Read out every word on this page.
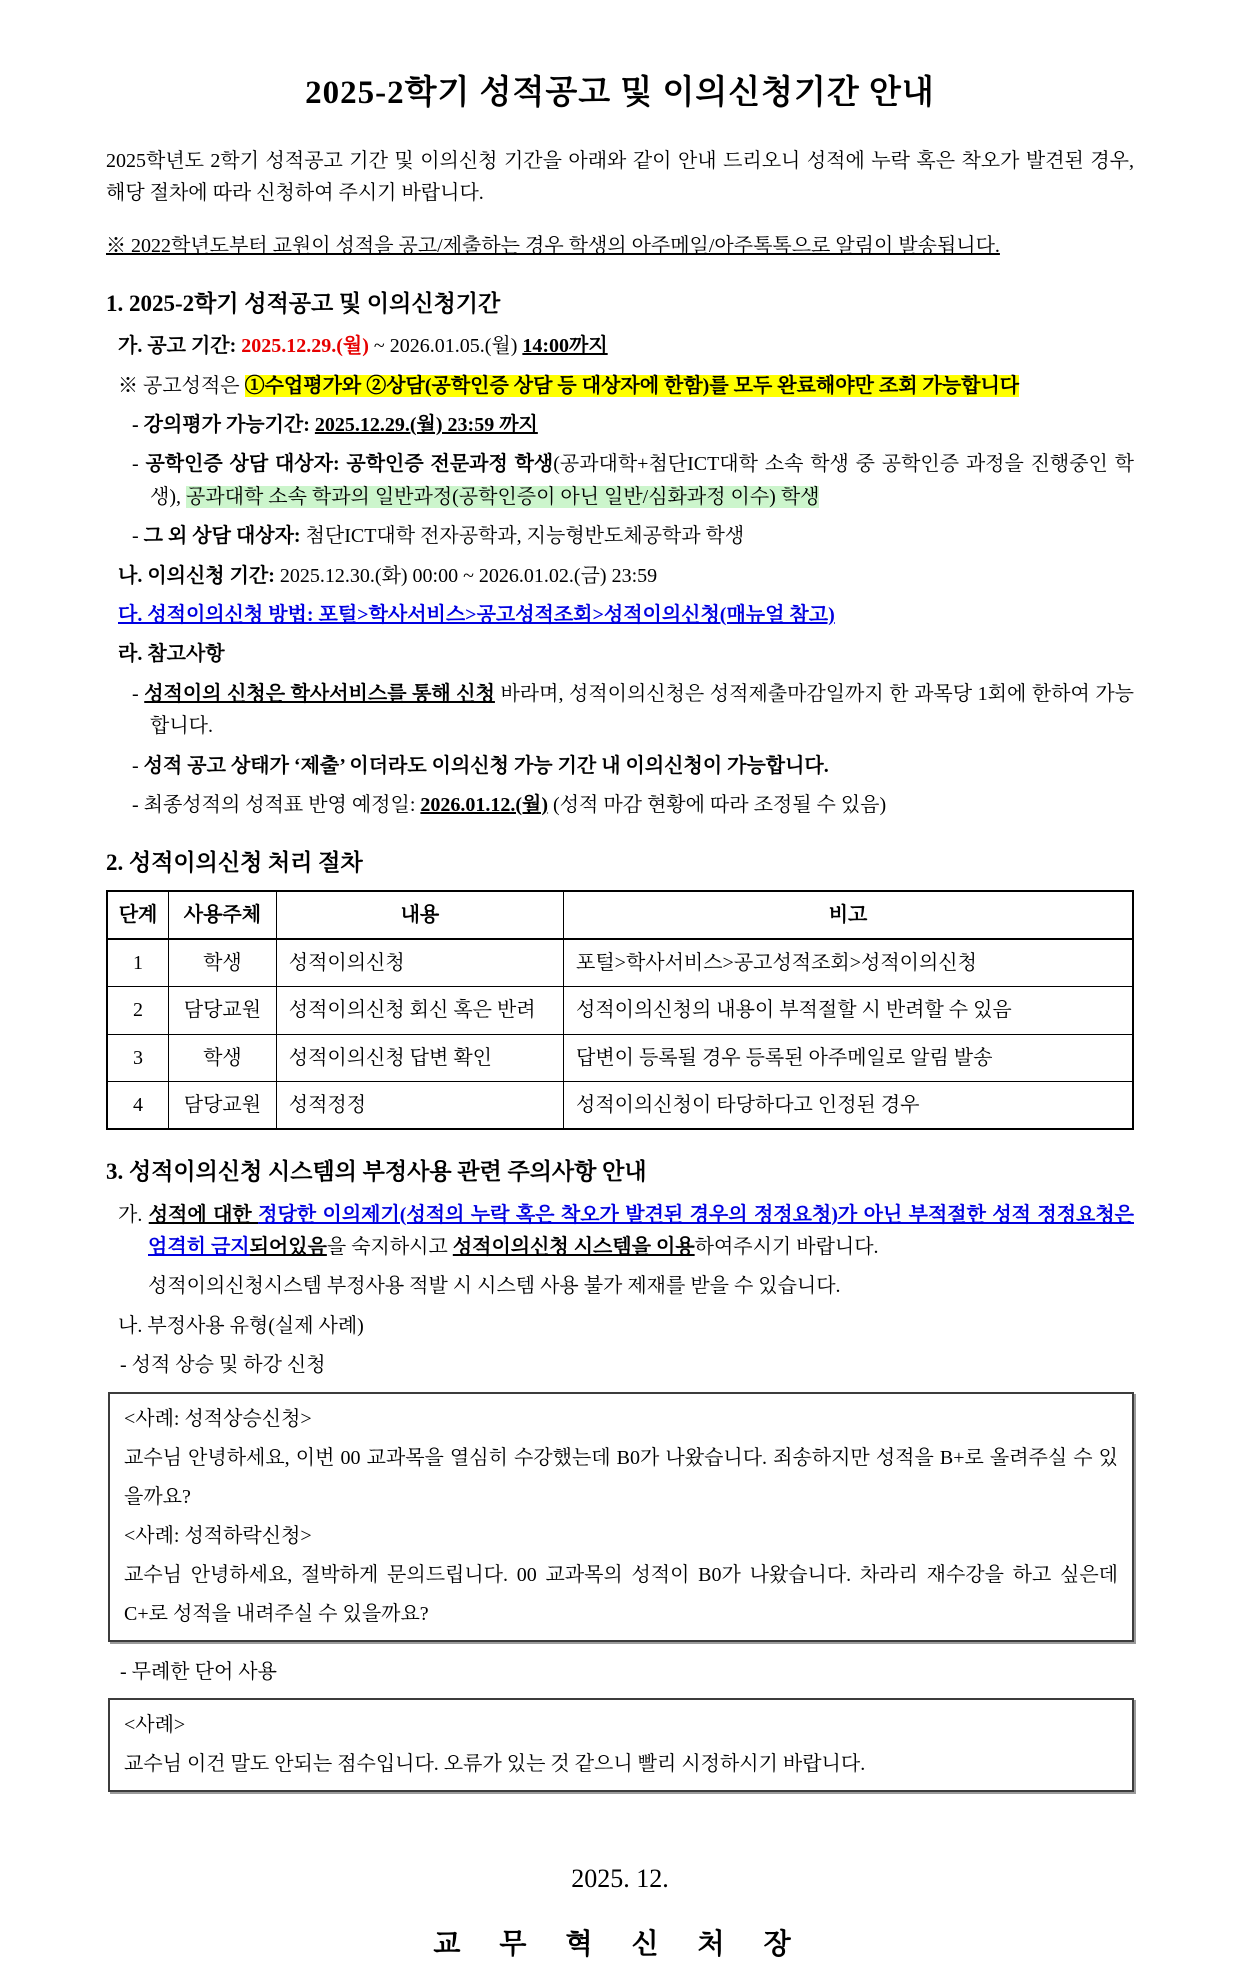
2025-2학기 성적공고 및 이의신청기간 안내

2025학년도 2학기 성적공고 기간 및 이의신청 기간을 아래와 같이 안내 드리오니 성적에 누락 혹은 착오가 발견된 경우, 해당 절차에 따라 신청하여 주시기 바랍니다.

※ 2022학년도부터 교원이 성적을 공고/제출하는 경우 학생의 아주메일/아주톡톡으로 알림이 발송됩니다.

1. 2025-2학기 성적공고 및 이의신청기간
가. 공고 기간: 2025.12.29.(월) ~ 2026.01.05.(월) 14:00까지
※ 공고성적은 ①수업평가와 ②상담(공학인증 상담 등 대상자에 한함)를 모두 완료해야만 조회 가능합니다
- 강의평가 가능기간: 2025.12.29.(월) 23:59 까지
- 공학인증 상담 대상자: 공학인증 전문과정 학생(공과대학+첨단ICT대학 소속 학생 중 공학인증 과정을 진행중인 학생), 공과대학 소속 학과의 일반과정(공학인증이 아닌 일반/심화과정 이수) 학생
- 그 외 상담 대상자: 첨단ICT대학 전자공학과, 지능형반도체공학과 학생
나. 이의신청 기간: 2025.12.30.(화) 00:00 ~ 2026.01.02.(금) 23:59
다. 성적이의신청 방법: 포털>학사서비스>공고성적조회>성적이의신청(매뉴얼 참고)
라. 참고사항
- 성적이의 신청은 학사서비스를 통해 신청 바라며, 성적이의신청은 성적제출마감일까지 한 과목당 1회에 한하여 가능합니다.
- 성적 공고 상태가 ‘제출’ 이더라도 이의신청 가능 기간 내 이의신청이 가능합니다.
- 최종성적의 성적표 반영 예정일: 2026.01.12.(월) (성적 마감 현황에 따라 조정될 수 있음)
2. 성적이의신청 처리 절차
단계	사용주체	내용	비고
1	학생	성적이의신청	포털>학사서비스>공고성적조회>성적이의신청
2	담당교원	성적이의신청 회신 혹은 반려	성적이의신청의 내용이 부적절할 시 반려할 수 있음
3	학생	성적이의신청 답변 확인	답변이 등록될 경우 등록된 아주메일로 알림 발송
4	담당교원	성적정정	성적이의신청이 타당하다고 인정된 경우
3. 성적이의신청 시스템의 부정사용 관련 주의사항 안내
가. 성적에 대한 정당한 이의제기(성적의 누락 혹은 착오가 발견된 경우의 정정요청)가 아닌 부적절한 성적 정정요청은 엄격히 금지되어있음을 숙지하시고 성적이의신청 시스템을 이용하여주시기 바랍니다.
성적이의신청시스템 부정사용 적발 시 시스템 사용 불가 제재를 받을 수 있습니다.
나. 부정사용 유형(실제 사례)
- 성적 상승 및 하강 신청
<사례: 성적상승신청>
교수님 안녕하세요, 이번 00 교과목을 열심히 수강했는데 B0가 나왔습니다. 죄송하지만 성적을 B+로 올려주실 수 있을까요?
<사례: 성적하락신청>
교수님 안녕하세요, 절박하게 문의드립니다. 00 교과목의 성적이 B0가 나왔습니다. 차라리 재수강을 하고 싶은데 C+로 성적을 내려주실 수 있을까요?
- 무례한 단어 사용
<사례>
교수님 이건 말도 안되는 점수입니다. 오류가 있는 것 같으니 빨리 시정하시기 바랍니다.
2025. 12.
교 무 혁 신 처 장
